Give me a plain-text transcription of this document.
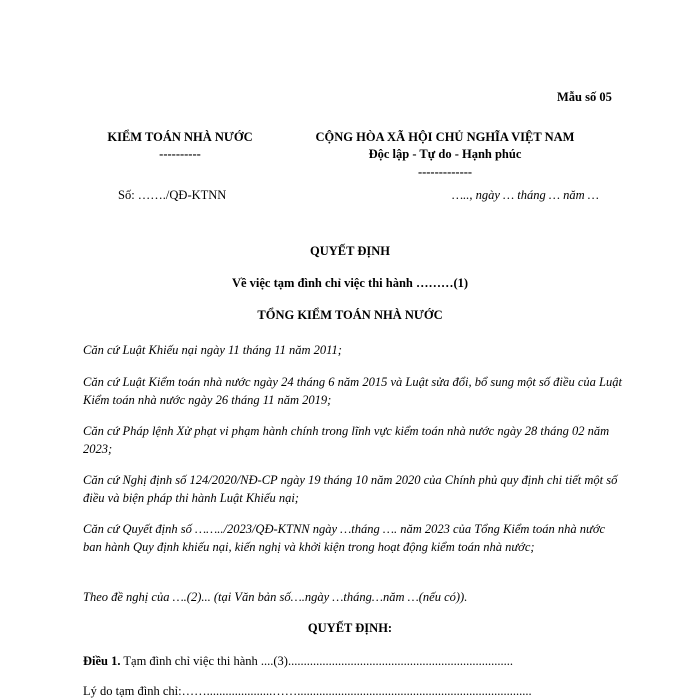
Mẫu số 05
KIỂM TOÁN NHÀ NƯỚC
----------
CỘNG HÒA XÃ HỘI CHỦ NGHĨA VIỆT NAM
Độc lập - Tự do - Hạnh phúc
-------------
Số: ……./QĐ-KTNN	….., ngày … tháng … năm …
QUYẾT ĐỊNH
Về việc tạm đình chỉ việc thi hành ………(1)
TỔNG KIỂM TOÁN NHÀ NƯỚC
Căn cứ Luật Khiếu nại ngày 11 tháng 11 năm 2011;
Căn cứ Luật Kiểm toán nhà nước ngày 24 tháng 6 năm 2015 và Luật sửa đổi, bổ sung một số điều của Luật Kiểm toán nhà nước ngày 26 tháng 11 năm 2019;
Căn cứ Pháp lệnh Xử phạt vi phạm hành chính trong lĩnh vực kiểm toán nhà nước ngày 28 tháng 02 năm 2023;
Căn cứ Nghị định số 124/2020/NĐ-CP ngày 19 tháng 10 năm 2020 của Chính phủ quy định chi tiết một số điều và biện pháp thi hành Luật Khiếu nại;
Căn cứ Quyết định số ……../2023/QĐ-KTNN ngày …tháng …. năm 2023 của Tổng Kiểm toán nhà nước ban hành Quy định khiếu nại, kiến nghị và khởi kiện trong hoạt động kiểm toán nhà nước;
Theo đề nghị của ….(2)... (tại Văn bản số….ngày …tháng…năm …(nếu có)).
QUYẾT ĐỊNH:
Điều 1. Tạm đình chỉ việc thi hành ....(3)........................................................................
Lý do tạm đình chỉ:…….....................……...........................................................................
